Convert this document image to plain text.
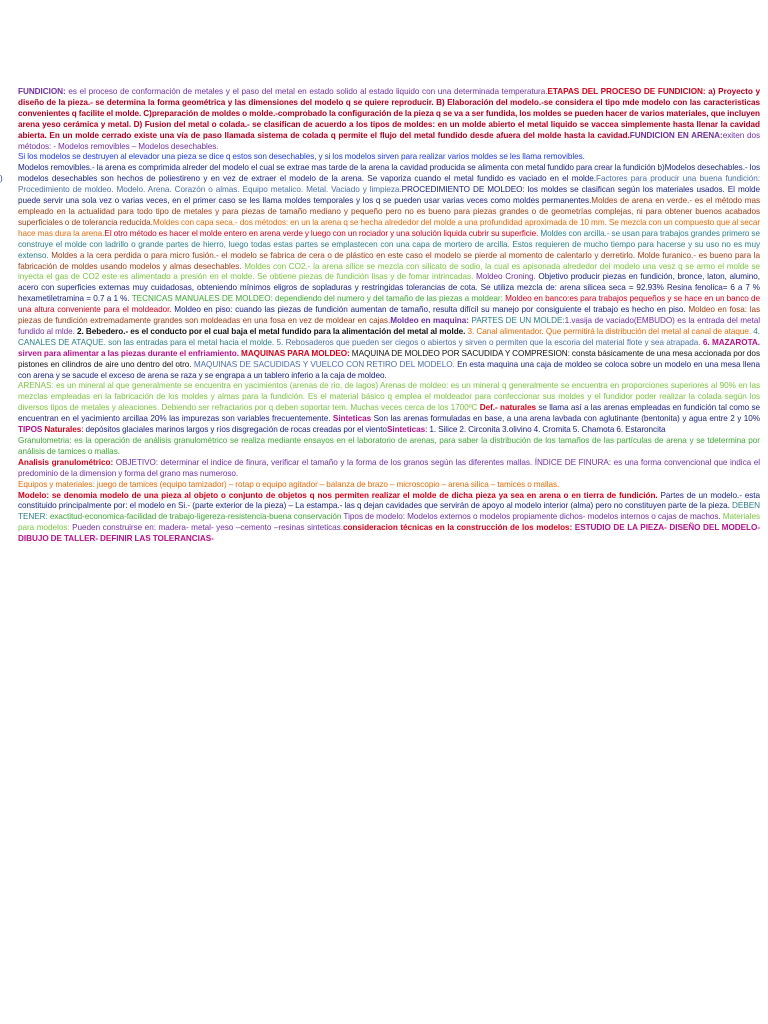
)

FUNDICION: es el proceso de conformación de metales y el paso del metal en estado solido al estado liquido con una determinada temperatura.ETAPAS DEL PROCESO DE FUNDICION: a) Proyecto y diseño de la pieza.- se determina la forma geométrica y las dimensiones del modelo q se quiere reproducir. B) Elaboración del modelo.-se considera el tipo mde modelo con las caracteristicas convenientes q facilite el molde. C)preparación de moldes o molde.-comprobado la configuración de la pieza q se va a ser fundida, los moldes se pueden hacer de varios materiales, que incluyen arena yeso cerámica y metal. D) Fusion del metal o colada.- se clasifican de acuerdo a los tipos de moldes: en un molde abierto el metal liquido se vaccea simplemente hasta llenar la cavidad abierta. En un molde cerrado existe una vía de paso llamada sistema de colada q permite el flujo del metal fundido desde afuera del molde hasta la cavidad.FUNDICION EN ARENA:exiten dos métodos: - Modelos removibles – Modelos desechables.

Si los modelos se destruyen al elevador una pieza se dice q estos son desechables, y si los modelos sirven para realizar varios moldes se les llama removibles.

Modelos removibles.- la arena es comprimida alreder del modelo el cual se extrae mas tarde de la arena la cavidad producida se alimenta con metal fundido para crear la fundición b)Modelos desechables.- los modelos desechables son hechos de poliestireno y en vez de extraer el modelo de la arena. Se vaporiza cuando el metal fundido es vaciado en el molde.Factores para producir una buena fundición: Procedimiento de moldeo. Modelo. Arena. Corazón o almas. Equipo metalico. Metal. Vaciado y limpieza.PROCEDIMIENTO DE MOLDEO: los moldes se clasifican según los materiales usados. El molde puede servir una sola vez o varias veces, en el primer caso se les llama moldes temporales y los q se pueden usar varias veces como moldes permanentes.Moldes de arena en verde.- es el método mas empleado en la actualidad para todo tipo de metales y para piezas de tamaño mediano y pequeño pero no es bueno para piezas grandes o de geometrías complejas, ni para obtener buenos acabados superficiales o de tolerancia reducida.Moldes con capa seca.- dos métodos: en un la arena q se hecha alrededor del molde a una profundidad aproximada de 10 mm. Se mezcla con un compuesto que al secar hace mas dura la arena.El otro método es hacer el molde entero en arena verde y luego con un rociador y una solución liquida cubrir su superficie. Moldes con arcilla.- se usan para trabajos grandes primero se construye el molde con ladrillo o grande partes de hierro, luego todas estas partes se emplastecen con una capa de mortero de arcilla. Estos requieren de mucho tiempo para hacerse y su uso no es muy extenso. Moldes a la cera perdida o para micro fusión.- el modelo se fabrica de cera o de plástico en este caso el modelo se pierde al momento de calentarlo y derretirlo. Molde furanico.- es bueno para la fabricación de moldes usando modelos y almas desechables. Moldes con CO2.- la arena sílice se mezcla con silicato de sodio, la cual es apisonada alrededor del modelo una vesz q se armo el molde se inyecta el gas de CO2 este es alimentado a presión en el molde. Se obtiene piezas de fundición lisas y de fomar intrincadas. Moldeo Croning. Objetivo producir piezas en fundición, bronce, laton, alumino, acero con superficies externas muy cuidadosas, obteniendo mínimos eligros de sopladuras y restringidas tolerancias de cota. Se utiliza mezcla de: arena silicea seca = 92.93% Resina fenolica= 6 a 7 % hexametiletramina = 0.7 a 1 %. TECNICAS MANUALES DE MOLDEO: dependiendo del numero y del tamaño de las piezas a moldear: Moldeo en banco:es para trabajos pequeños y se hace en un banco de una altura conveniente para el moldeador. Moldeo en piso: cuando las piezas de fundición aumentan de tamaño, resulta difícil su manejo por consiguiente el trabajo es hecho en piso. Moldeo en fosa: las piezas de fundición extremadamente grandes son moldeadas en una fosa en vez de moldear en cajas.Moldeo en maquina: PARTES DE UN MOLDE:1.vasija de vaciado(EMBUDO) es la entrada del metal fundido al mlde. 2. Bebedero.- es el conducto por el cual baja el metal fundido para la alimentación del metal al molde. 3. Canal alimentador. Que permitirá la distribución del metal al canal de ataque. 4. CANALES DE ATAQUE. son las entradas para el metal hacia el molde. 5. Rebosaderos que pueden ser ciegos o abiertos y sirven o permiten que la escoria del material flote y sea atrapada. 6. MAZAROTA. sirven para alimentar a las piezas durante el enfriamiento. MAQUINAS PARA MOLDEO: MAQUINA DE MOLDEO POR SACUDIDA Y COMPRESION: consta básicamente de una mesa accionada por dos pistones en cilindros de aire uno dentro del otro. MAQUINAS DE SACUDIDAS Y VUELCO CON RETIRO DEL MODELO. En esta maquina una caja de moldeo se coloca sobre un modelo en una mesa llena con arena y se sacude el exceso de arena se raza y se engrapa a un tablero inferio a la caja de moldeo.

ARENAS: es un mineral al que generalmente se encuentra en yacimientos (arenas de rio, de lagos) Arenas de moldeo: es un mineral q generalmente se encuentra en proporciones superiores al 90% en las mezclas empleadas en la fabricación de los moldes y almas para la fundición. Es el material básico q emplea el moldeador para confeccionar sus moldes y el fundidor poder realizar la colada según los diversos tipos de metales y aleaciones. Debiendo ser refractarios por q deben soportar tem. Muchas veces cerca de los 1700ºC Def.- naturales se llama así a las arenas empleadas en fundición tal como se encuentran en el yacimiento arcillaa 20% las impurezas son variables frecuentemente. Sinteticas Son las arenas formuladas en base, a una arena lavbada con aglutinante (bentonita) y agua entre 2 y 10% TIPOS Naturales: depósitos glaciales marinos largos y ríos disgregación de rocas creadas por el vientoSinteticas: 1. Silice 2. Circonita 3.olivino 4. Cromita 5. Chamota 6. Estaroncita

Granulometria: es la operación de análisis granulométrico se realiza mediante ensayos en el laboratorio de arenas, para saber la distribución de los tamaños de las partículas de arena y se tdetermina por análisis de tamices o mallas.

Analisis granulométrico: OBJETIVO: determinar el indice de finura, verificar el tamaño y la forma de los granos según las diferentes mallas. ÍNDICE DE FINURA: es una forma convencional que indica el predominio de la dimension y forma del grano mas numeroso.

Equipos y materiales: juego de tamices (equipo tamizador) – rotap o equipo agitador – balanza de brazo – microscopio – arena silica – tamices o mallas.

Modelo: se denomia modelo de una pieza al objeto o conjunto de objetos q nos permiten realizar el molde de dicha pieza ya sea en arena o en tierra de fundición. Partes de un modelo.- esta constituido principalmente por: el modelo en Si.- (parte exterior de la pieza) – La estampa.- las q dejan cavidades que servirán de apoyo al modelo interior (alma) pero no constituyen parte de la pieza. DEBEN TENER: exactitud-economica-facilidad de trabajo-ligereza-resistencia-buena conservación Tipos de modelo: Modelos externos o modelos propiamente dichos- modelos internos o cajas de machos. Materiales para modelos: Pueden construirse en: madera- metal- yeso –cemento –resinas sinteticas.consideracion técnicas en la construcción de los modelos: ESTUDIO DE LA PIEZA- DISEÑO DEL MODELO- DIBUJO DE TALLER- DEFINIR LAS TOLERANCIAS-
